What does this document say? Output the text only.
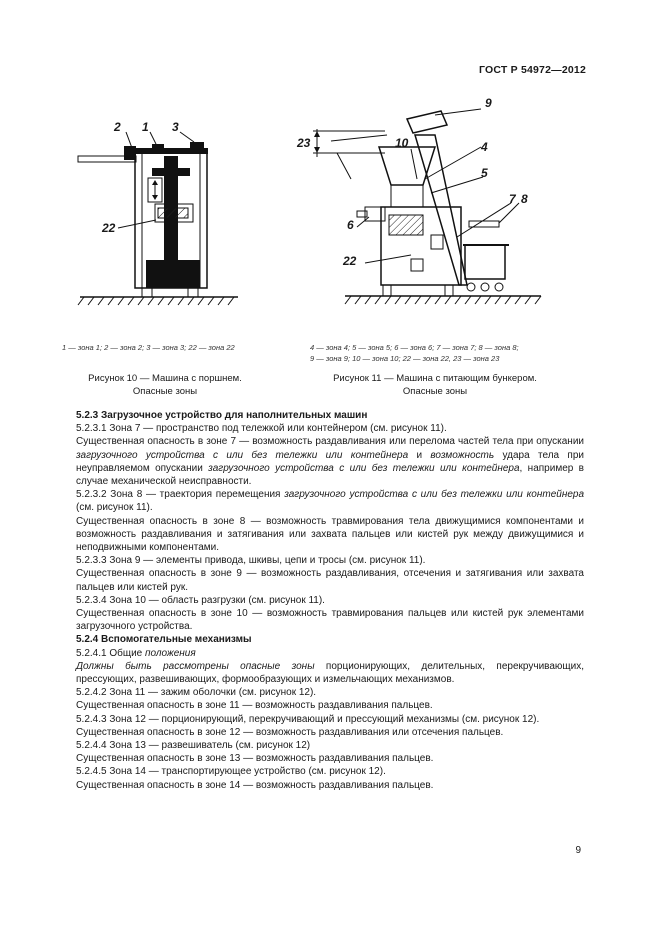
ГОСТ Р 54972—2012
2 1 3
22
9
10	4
5
7 8
6
22
23
1 — зона 1; 2 — зона 2; 3 — зона 3; 22 — зона 22	4 — зона 4; 5 — зона 5; 6 — зона 6; 7 — зона 7; 8 — зона 8;
9 — зона 9; 10 — зона 10; 22 — зона 22, 23 — зона 23
Рисунок 10 — Машина с поршнем.
Опасные зоны
Рисунок 11 — Машина с питающим бункером.
Опасные зоны

5.2.3 Загрузочное устройство для наполнительных машин

5.2.3.1 Зона 7 — пространство под тележкой или контейнером (см. рисунок 11).

Существенная опасность в зоне 7 — возможность раздавливания или перелома частей тела при опускании загрузочного устройства с или без тележки или контейнера и возможность удара тела при неуправляемом опускании загрузочного устройства с или без тележки или контейнера, например в случае механической неисправности.

5.2.3.2 Зона 8 — траектория перемещения загрузочного устройства с или без тележки или контейнера (см. рисунок 11).

Существенная опасность в зоне 8 — возможность травмирования тела движущимися компонентами и возможность раздавливания и затягивания или захвата пальцев или кистей рук между движущимися и неподвижными компонентами.

5.2.3.3 Зона 9 — элементы привода, шкивы, цепи и тросы (см. рисунок 11).

Существенная опасность в зоне 9 — возможность раздавливания, отсечения и затягивания или захвата пальцев или кистей рук.

5.2.3.4 Зона 10 — область разгрузки (см. рисунок 11).

Существенная опасность в зоне 10 — возможность травмирования пальцев или кистей рук элементами загрузочного устройства.

5.2.4 Вспомогательные механизмы

5.2.4.1 Общие положения

Должны быть рассмотрены опасные зоны порционирующих, делительных, перекручивающих, прессующих, развешивающих, формообразующих и измельчающих механизмов.

5.2.4.2 Зона 11 — зажим оболочки (см. рисунок 12).

Существенная опасность в зоне 11 — возможность раздавливания пальцев.

5.2.4.3 Зона 12 — порционирующий, перекручивающий и прессующий механизмы (см. рисунок 12).

Существенная опасность в зоне 12 — возможность раздавливания или отсечения пальцев.

5.2.4.4 Зона 13 — развешиватель (см. рисунок 12)

Существенная опасность в зоне 13 — возможность раздавливания пальцев.

5.2.4.5 Зона 14 — транспортирующее устройство (см. рисунок 12).

Существенная опасность в зоне 14 — возможность раздавливания пальцев.

9
